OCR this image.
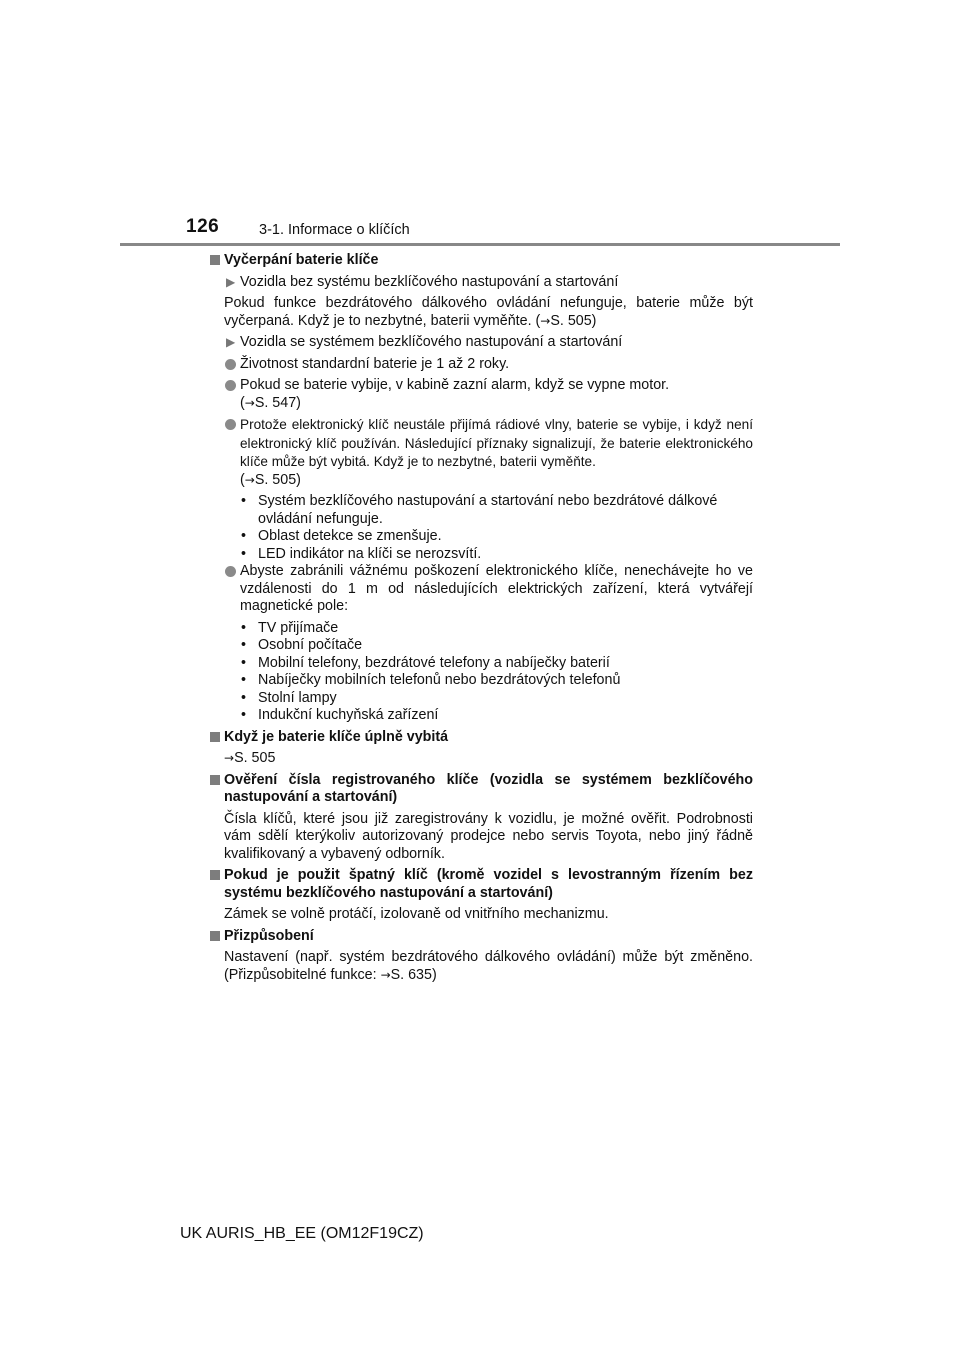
126	3-1. Informace o klíčích
Vyčerpání baterie klíče
▶ Vozidla bez systému bezklíčového nastupování a startování
Pokud funkce bezdrátového dálkového ovládání nefunguje, baterie může být vyčerpaná. Když je to nezbytné, baterii vyměňte. (→S. 505)
▶ Vozidla se systémem bezklíčového nastupování a startování
Životnost standardní baterie je 1 až 2 roky.
Pokud se baterie vybije, v kabině zazní alarm, když se vypne motor.
(→S. 547)
Protože elektronický klíč neustále přijímá rádiové vlny, baterie se vybije, i když není elektronický klíč používán. Následující příznaky signalizují, že baterie elektronického klíče může být vybitá. Když je to nezbytné, baterii vyměňte.
(→S. 505)
• Systém bezklíčového nastupování a startování nebo bezdrátové dálkové ovládání nefunguje.
• Oblast detekce se zmenšuje.
• LED indikátor na klíči se nerozsvítí.
Abyste zabránili vážnému poškození elektronického klíče, nenechávejte ho ve vzdálenosti do 1 m od následujících elektrických zařízení, která vytvářejí magnetické pole:
• TV přijímače
• Osobní počítače
• Mobilní telefony, bezdrátové telefony a nabíječky baterií
• Nabíječky mobilních telefonů nebo bezdrátových telefonů
• Stolní lampy
• Indukční kuchyňská zařízení
Když je baterie klíče úplně vybitá
→S. 505
Ověření čísla registrovaného klíče (vozidla se systémem bezklíčového nastupování a startování)
Čísla klíčů, které jsou již zaregistrovány k vozidlu, je možné ověřit. Podrobnosti vám sdělí kterýkoliv autorizovaný prodejce nebo servis Toyota, nebo jiný řádně kvalifikovaný a vybavený odborník.
Pokud je použit špatný klíč (kromě vozidel s levostranným řízením bez systému bezklíčového nastupování a startování)
Zámek se volně protáčí, izolovaně od vnitřního mechanizmu.
Přizpůsobení
Nastavení (např. systém bezdrátového dálkového ovládání) může být změněno. (Přizpůsobitelné funkce: →S. 635)
UK AURIS_HB_EE (OM12F19CZ)
